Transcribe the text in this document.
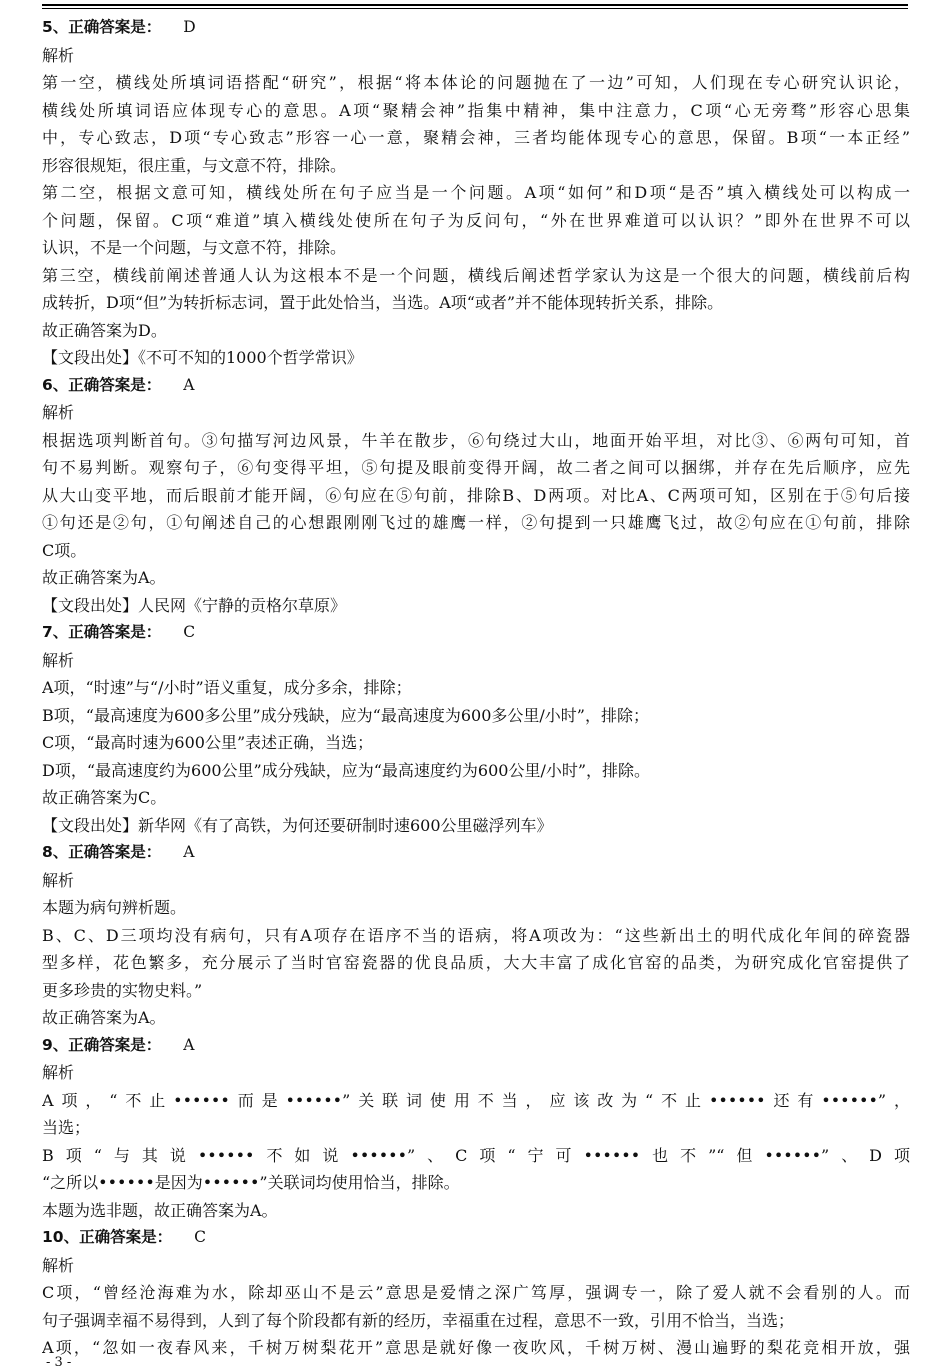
5、正确答案是： D
解析
第一空，横线处所填词语搭配“研究”，根据“将本体论的问题抛在了一边”可知，人们现在专心研究认识论，
横线处所填词语应体现专心的意思。A项“聚精会神”指集中精神，集中注意力，C项“心无旁骛”形容心思集
中，专心致志，D项“专心致志”形容一心一意，聚精会神，三者均能体现专心的意思，保留。B项“一本正经”
形容很规矩，很庄重，与文意不符，排除。
第二空，根据文意可知，横线处所在句子应当是一个问题。A项“如何”和D项“是否”填入横线处可以构成一
个问题，保留。C项“难道”填入横线处使所在句子为反问句，“外在世界难道可以认识？”即外在世界不可以
认识，不是一个问题，与文意不符，排除。
第三空，横线前阐述普通人认为这根本不是一个问题，横线后阐述哲学家认为这是一个很大的问题，横线前后构
成转折，D项“但”为转折标志词，置于此处恰当，当选。A项“或者”并不能体现转折关系，排除。
故正确答案为D。
【文段出处】《不可不知的1000个哲学常识》
6、正确答案是： A
解析
根据选项判断首句。③句描写河边风景，牛羊在散步，⑥句绕过大山，地面开始平坦，对比③、⑥两句可知，首
句不易判断。观察句子，⑥句变得平坦，⑤句提及眼前变得开阔，故二者之间可以捆绑，并存在先后顺序，应先
从大山变平地，而后眼前才能开阔，⑥句应在⑤句前，排除B、D两项。对比A、C两项可知，区别在于⑤句后接
①句还是②句，①句阐述自己的心想跟刚刚飞过的雄鹰一样，②句提到一只雄鹰飞过，故②句应在①句前，排除
C项。
故正确答案为A。
【文段出处】人民网《宁静的贡格尔草原》
7、正确答案是： C
解析
A项，“时速”与“/小时”语义重复，成分多余，排除；
B项，“最高速度为600多公里”成分残缺，应为“最高速度为600多公里/小时”，排除；
C项，“最高时速为600公里”表述正确，当选；
D项，“最高速度约为600公里”成分残缺，应为“最高速度约为600公里/小时”，排除。
故正确答案为C。
【文段出处】新华网《有了高铁，为何还要研制时速600公里磁浮列车》
8、正确答案是： A
解析
本题为病句辨析题。
B、C、D三项均没有病句，只有A项存在语序不当的语病，将A项改为：“这些新出土的明代成化年间的碎瓷器
型多样，花色繁多，充分展示了当时官窑瓷器的优良品质，大大丰富了成化官窑的品类，为研究成化官窑提供了
更多珍贵的实物史料。”
故正确答案为A。
9、正确答案是： A
解析
A项，“不止••••••而是••••••”关联词使用不当，应该改为“不止••••••还有••••••”，
当选；
B项“与其说••••••不如说••••••”、C项“宁可••••••也不”“但••••••”、D项
“之所以••••••是因为••••••”关联词均使用恰当，排除。
本题为选非题，故正确答案为A。
10、正确答案是： C
解析
C项，“曾经沧海难为水，除却巫山不是云”意思是爱情之深广笃厚，强调专一，除了爱人就不会看别的人。而
句子强调幸福不易得到，人到了每个阶段都有新的经历，幸福重在过程，意思不一致，引用不恰当，当选；
A项，“忽如一夜春风来，千树万树梨花开”意思是就好像一夜吹风，千树万树、漫山遍野的梨花竞相开放，强
- 3 -
